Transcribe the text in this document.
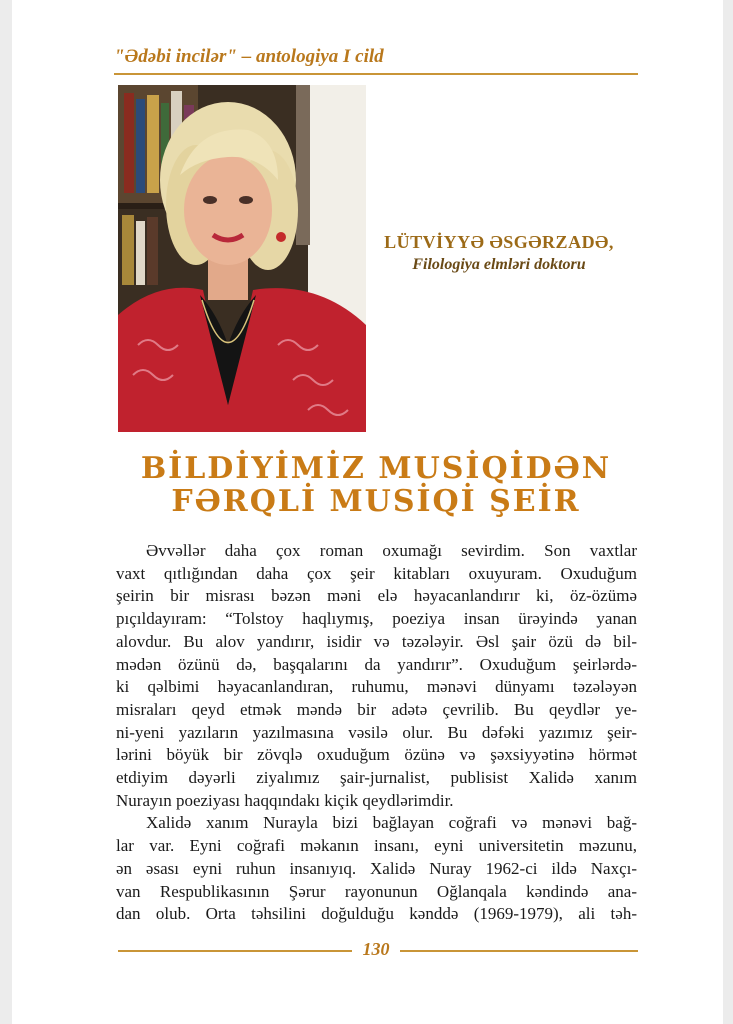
"Ədəbi incilər" – antologiya I cild
LÜTVİYYƏ ƏSGƏRZADƏ,
Filologiya elmləri doktoru
BİLDİYİMİZ MUSİQİDƏN
FƏRQLİ MUSİQİ ŞEİR
Əvvəllər daha çox roman oxumağı sevirdim. Son vaxtlar
vaxt qıtlığından daha çox şeir kitabları oxuyuram. Oxuduğum
şeirin bir misrası bəzən məni elə həyacanlandırır ki, öz-özümə
pıçıldayıram: “Tolstoy haqlıymış, poeziya insan ürəyində yanan
alovdur. Bu alov yandırır, isidir və təzələyir. Əsl şair özü də bil-
mədən özünü də, başqalarını da yandırır”. Oxuduğum şeirlərdə-
ki qəlbimi həyacanlandıran, ruhumu, mənəvi dünyamı təzələyən
misraları qeyd etmək məndə bir adətə çevrilib. Bu qeydlər ye-
ni-yeni yazıların yazılmasına vəsilə olur. Bu dəfəki yazımız şeir-
lərini böyük bir zövqlə oxuduğum özünə və şəxsiyyətinə hörmət
etdiyim dəyərli ziyalımız şair-jurnalist, publisist Xalidə xanım
Nurayın poeziyası haqqındakı kiçik qeydlərimdir.
Xalidə xanım Nurayla bizi bağlayan coğrafi və mənəvi bağ-
lar var. Eyni coğrafi məkanın insanı, eyni universitetin məzunu,
ən əsası eyni ruhun insanıyıq. Xalidə Nuray 1962-ci ildə Naxçı-
van Respublikasının Şərur rayonunun Oğlanqala kəndində ana-
dan olub. Orta təhsilini doğulduğu kənddə (1969-1979), ali təh-
130
